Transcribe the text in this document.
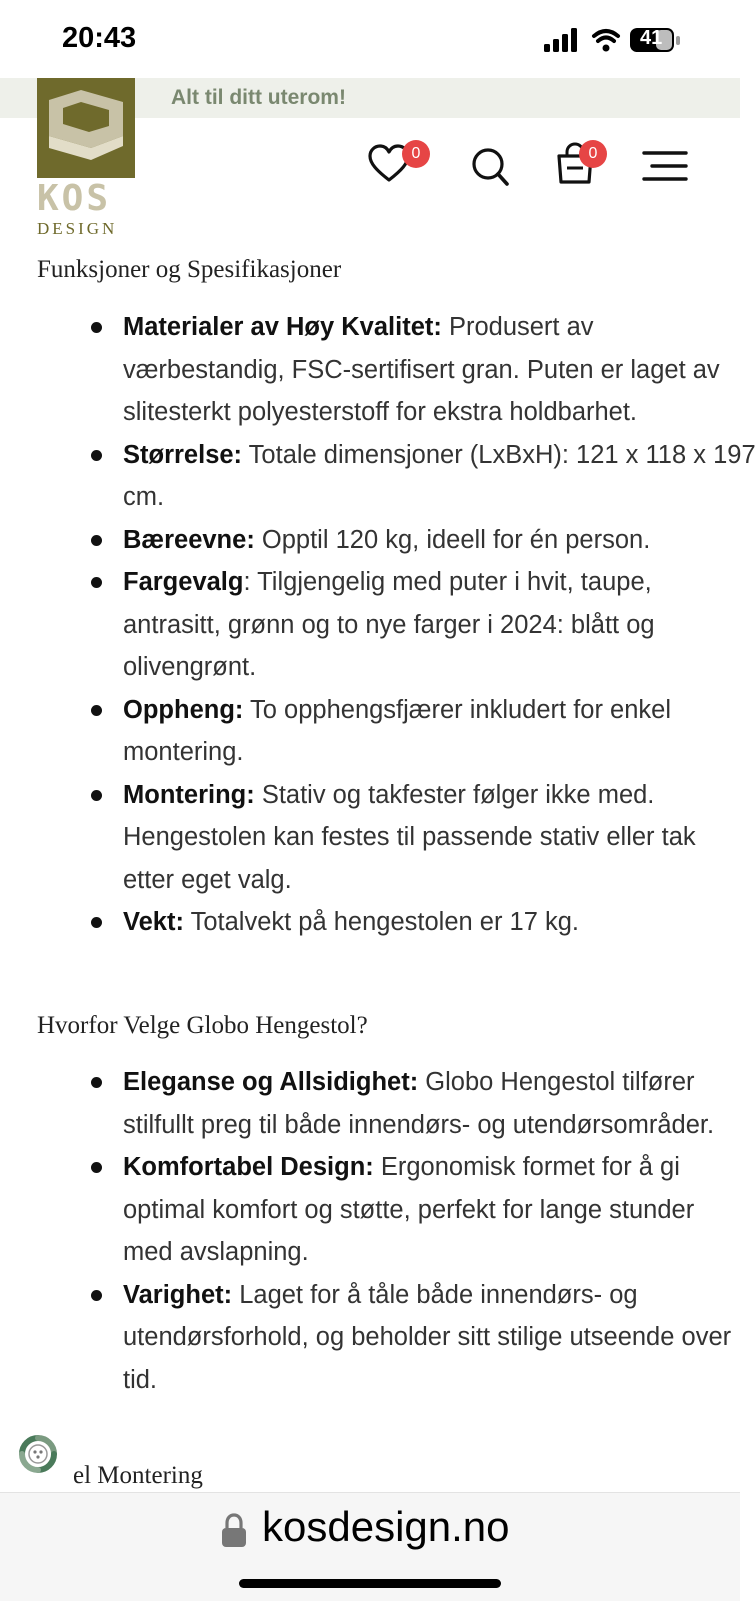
20:43	41
Alt til ditt uterom!
KOS
DESIGN
0	0
Funksjoner og Spesifikasjoner
Materialer av Høy Kvalitet: Produsert av
værbestandig, FSC-sertifisert gran. Puten er laget av
slitesterkt polyesterstoff for ekstra holdbarhet.
Størrelse: Totale dimensjoner (LxBxH): 121 x 118 x 197
cm.
Bæreevne: Opptil 120 kg, ideell for én person.
Fargevalg: Tilgjengelig med puter i hvit, taupe,
antrasitt, grønn og to nye farger i 2024: blått og
olivengrønt.
Oppheng: To opphengsfjærer inkludert for enkel
montering.
Montering: Stativ og takfester følger ikke med.
Hengestolen kan festes til passende stativ eller tak
etter eget valg.
Vekt: Totalvekt på hengestolen er 17 kg.
Hvorfor Velge Globo Hengestol?
Eleganse og Allsidighet: Globo Hengestol tilfører
stilfullt preg til både innendørs- og utendørsområder.
Komfortabel Design: Ergonomisk formet for å gi
optimal komfort og støtte, perfekt for lange stunder
med avslapning.
Varighet: Laget for å tåle både innendørs- og
utendørsforhold, og beholder sitt stilige utseende over
tid.
el Montering
kosdesign.no
